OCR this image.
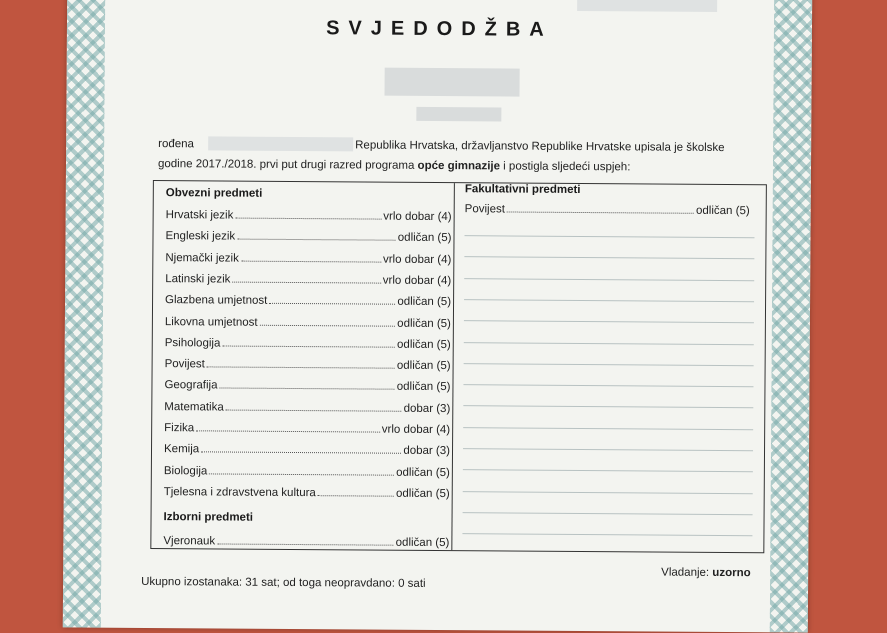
SVJEDODŽBA
rođena	Republika Hrvatska, državljanstvo Republike Hrvatske upisala je školske
godine 2017./2018. prvi put drugi razred programa opće gimnazije i postigla sljedeći uspjeh:
Obvezni predmeti
Hrvatski jezik	vrlo dobar (4)
Engleski jezik	odličan (5)
Njemački jezik	vrlo dobar (4)
Latinski jezik	vrlo dobar (4)
Glazbena umjetnost	odličan (5)
Likovna umjetnost	odličan (5)
Psihologija	odličan (5)
Povijest	odličan (5)
Geografija	odličan (5)
Matematika	dobar (3)
Fizika	vrlo dobar (4)
Kemija	dobar (3)
Biologija	odličan (5)
Tjelesna i zdravstvena kultura	odličan (5)
Izborni predmeti
Vjeronauk	odličan (5)
Fakultativni predmeti
Povijest	odličan (5)
Ukupno izostanaka: 31 sat; od toga neopravdano: 0 sati
Vladanje: uzorno
